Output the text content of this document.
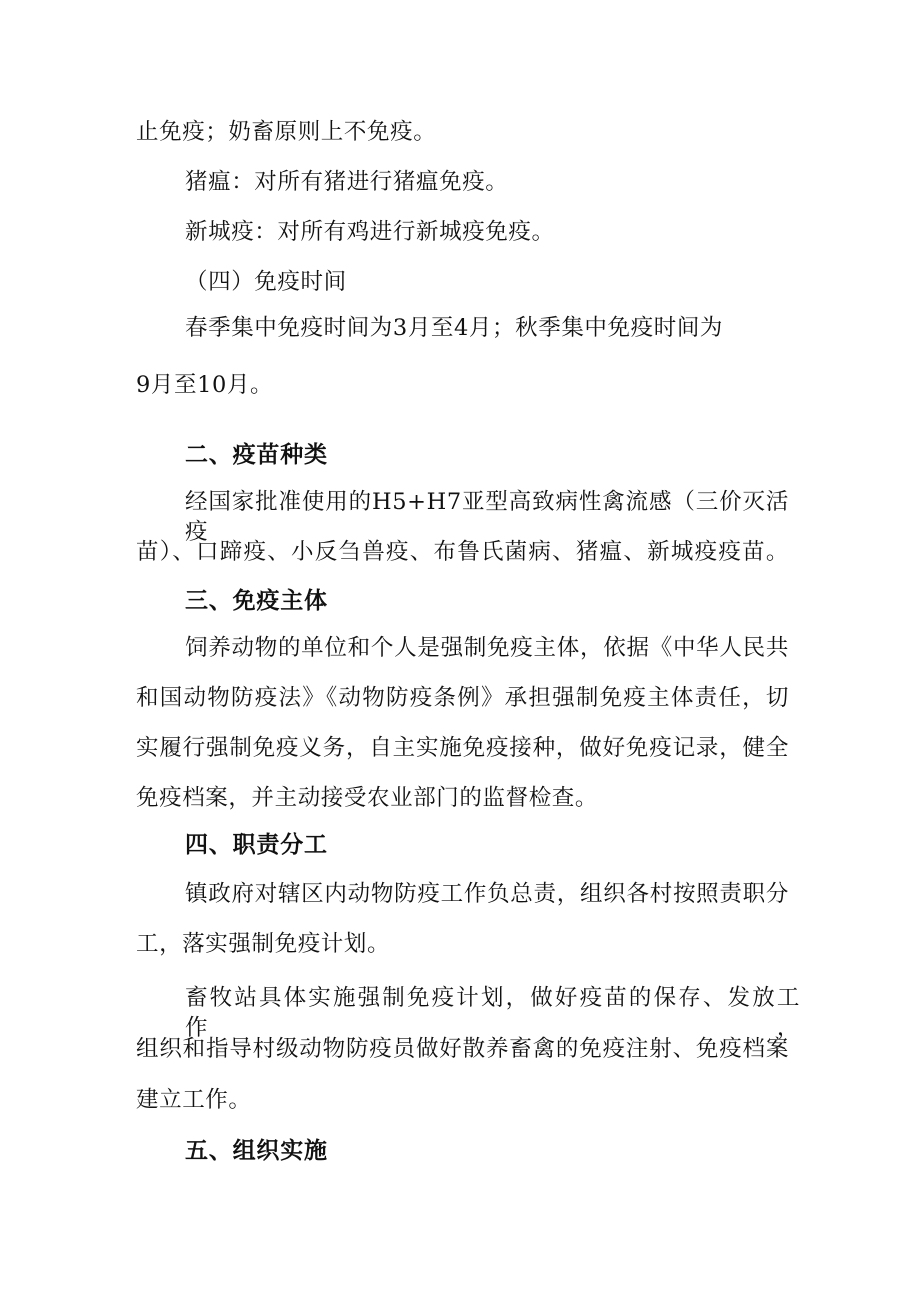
止免疫；奶畜原则上不免疫。
猪瘟：对所有猪进行猪瘟免疫。
新城疫：对所有鸡进行新城疫免疫。
（四）免疫时间
春季集中免疫时间为3月至4月；秋季集中免疫时间为
9月至10月。
二、疫苗种类
经国家批准使用的H5+H7亚型高致病性禽流感（三价灭活疫
苗）、口蹄疫、小反刍兽疫、布鲁氏菌病、猪瘟、新城疫疫苗。
三、免疫主体
饲养动物的单位和个人是强制免疫主体，依据《中华人民共
和国动物防疫法》《动物防疫条例》承担强制免疫主体责任，切
实履行强制免疫义务，自主实施免疫接种，做好免疫记录，健全
免疫档案，并主动接受农业部门的监督检查。
四、职责分工
镇政府对辖区内动物防疫工作负总责，组织各村按照责职分
工，落实强制免疫计划。
畜牧站具体实施强制免疫计划，做好疫苗的保存、发放工作，
组织和指导村级动物防疫员做好散养畜禽的免疫注射、免疫档案
建立工作。
五、组织实施
